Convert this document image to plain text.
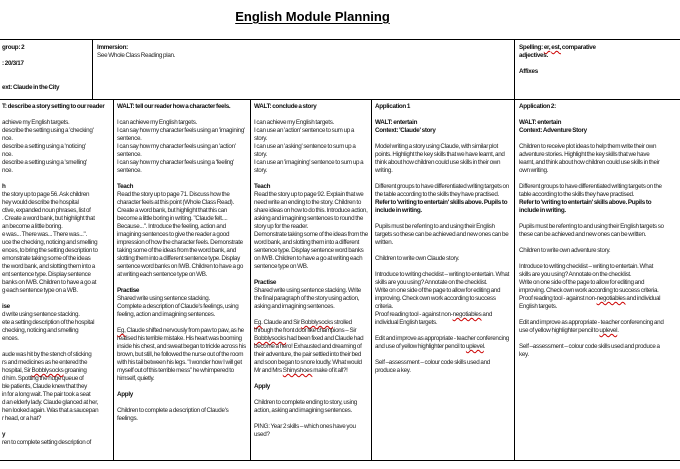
English Module Planning
group: 2

: 20/3/17

ext: Claude in the City
Immersion:
See Whole Class Reading plan.
Spelling: er, est, comparative
adjectives.

Affixes
T: describe a story setting to our reader

achieve my English targets.
describe the setting using a 'checking'
nce.
describe a setting using a 'noticing'
nce.
describe a setting using a 'smelling'
nce.

h
the story up to page 56. Ask children
hey would describe the hospital
ctive, expanded noun phrases, list of
. Create a word bank, but highlight that
an become a little boring.
e was... There was... There was...".
uce the checking, noticing and smelling
ences, to bring the setting description to
emonstrate taking some of the ideas
the word bank, and slotting them into a
ent sentence type. Display sentence
banks on IWB. Children to have a go at
g each sentence type on a WB.

ise
d write using sentence stacking.
ete a setting description of the hospital
checking, noticing and smelling
ences.

aude was hit by the stench of sticking
rs and medicines as he entered the
hospital, Sir Bobblysocks groaning
d him. Spotting the huge queue of
ble patients, Claude knew that they
in for a long wait. The pair took a seat
d an elderly lady. Claude glanced at her,
hen looked again. Was that a saucepan
r head, or a hat?

y
ren to complete setting description of
WALT: tell our reader how a character feels.

I can achieve my English targets.
I can say how my character feels using an 'imagining' sentence.
I can say how my character feels using an 'action' sentence.
I can say how my character feels using a 'feeling' sentence.

Teach
Read the story up to page 71. Discuss how the character feels at this point (Whole Class Read). Create a word bank, but highlight that this can become a little boring in writing. "Claude felt.... Because...". Introduce the feeling, action and imagining sentences to give the reader a good impression of how the character feels. Demonstrate taking some of the ideas from the word bank, and slotting them into a different sentence type. Display sentence word banks on IWB. Children to have a go at writing each sentence type on WB.

Practise
Shared write using sentence stacking.
Complete a description of Claude's feelings, using feeling, action and imagining sentences.

Eg, Claude shifted nervously from paw to paw, as he realised his terrible mistake. His heart was booming inside his chest, and sweat began to trickle across his brown, but still, he followed the nurse out of the room with his tail between his legs. "I wonder how I will get myself out of this terrible mess" he whimpered to himself, quietly.

Apply

Children to complete a description of Claude's feelings.
WALT: conclude a story

I can achieve my English targets.
I can use an 'action' sentence to sum up a story.
I can use an 'asking' sentence to sum up a story.
I can use an 'imagining' sentence to sum up a story.

Teach
Read the story up to page 92. Explain that we need write an ending to the story. Children to share ideas on how to do this. Introduce action, asking and imagining sentences to round the story up for the reader.
Demonstrate taking some of the ideas from the word bank, and slotting them into a different sentence type. Display sentence word banks on IWB. Children to have a go at writing each sentence type on WB.

Practise
Shared write using sentence stacking. Write the final paragraph of the story using action, asking and imagining sentences.

Eg. Claude and Sir Bobblysocks strolled through the front door like champions – Sir Bobblysocks had been fixed and Claude had become a hero! Exhausted and dreaming of their adventure, the pair settled into their bed and soon began to snore loudly. What would Mr and Mrs Shinyshoes make of it all?!

Apply

Children to complete ending to story, using action, asking and imagining sentences.

PING: Year 2 skills – which ones have you used?
Application 1

WALT: entertain
Context: 'Claude' story

Model writing a story using Claude, with similar plot points. Highlight the key skills that we have learnt, and think about how children could use skills in their own writing.

Different groups to have differentiated writing targets on the table according to the skills they have practised.
Refer to 'writing to entertain' skills above. Pupils to include in writing.

Pupils must be referring to and using their English targets so these can be achieved and new ones can be written.

Children to write own Claude story.

Introduce to writing checklist – writing to entertain. What skills are you using? Annotate on the checklist.
Write on one side of the page to allow for editing and improving. Check own work according to success criteria.
Proof reading tool - against non-negotiables and individual English targets.

Edit and improve as appropriate - teacher conferencing and use of yellow highlighter pencil to uplevel.

Self –assessment – colour code skills used and produce a key.
Application 2:

WALT: entertain
Context: Adventure Story

Children to receive plot ideas to help them write their own adventure stories. Highlight the key skills that we have learnt, and think about how children could use skills in their own writing.

Different groups to have differentiated writing targets on the table according to the skills they have practised.
Refer to 'writing to entertain' skills above. Pupils to include in writing.

Pupils must be referring to and using their English targets so these can be achieved and new ones can be written.

Children to write own adventure story.

Introduce to writing checklist – writing to entertain. What skills are you using? Annotate on the checklist.
Write on one side of the page to allow for editing and improving. Check own work according to success criteria.
Proof reading tool - against non-negotiables and individual English targets.

Edit and improve as appropriate - teacher conferencing and use of yellow highlighter pencil to uplevel.

Self –assessment – colour code skills used and produce a key.
